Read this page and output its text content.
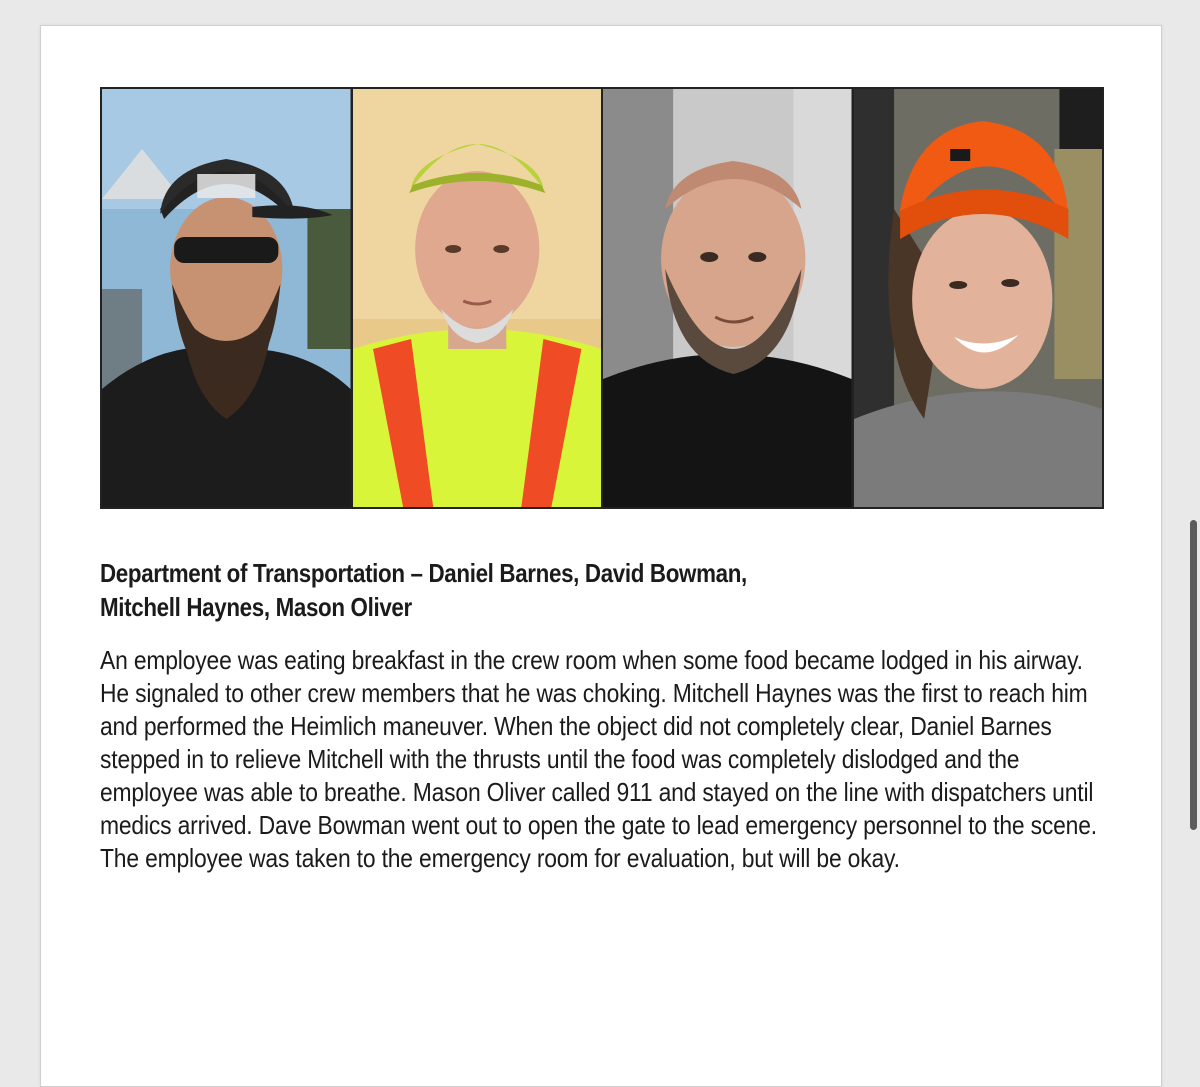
Department of Transportation – Daniel Barnes, David Bowman,
Mitchell Haynes, Mason Oliver

An employee was eating breakfast in the crew room when some food became lodged in his airway. He signaled to other crew members that he was choking. Mitchell Haynes was the first to reach him and performed the Heimlich maneuver. When the object did not completely clear, Daniel Barnes stepped in to relieve Mitchell with the thrusts until the food was completely dislodged and the employee was able to breathe. Mason Oliver called 911 and stayed on the line with dispatchers until medics arrived. Dave Bowman went out to open the gate to lead emergency personnel to the scene. The employee was taken to the emergency room for evaluation, but will be okay.
